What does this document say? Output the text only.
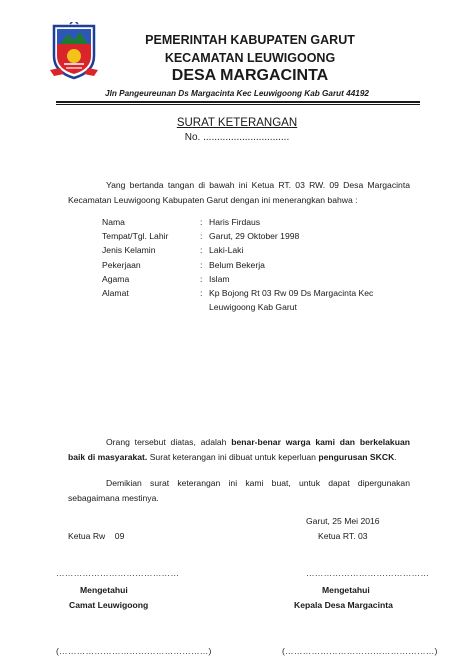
PEMERINTAH KABUPATEN GARUT
KECAMATAN LEUWIGOONG
DESA MARGACINTA
Jln Pangeureunan Ds Margacinta Kec Leuwigoong Kab Garut 44192
SURAT KETERANGAN
No. ...............................
Yang bertanda tangan di bawah ini Ketua RT. 03 RW. 09 Desa Margacinta Kecamatan Leuwigoong Kabupaten Garut dengan ini menerangkan bahwa :
Nama	: Haris Firdaus
Tempat/Tgl. Lahir	: Garut, 29 Oktober 1998
Jenis Kelamin	: Laki-Laki
Pekerjaan	: Belum Bekerja
Agama	: Islam
Alamat	: Kp Bojong Rt 03 Rw 09 Ds Margacinta Kec
Leuwigoong Kab Garut
Orang tersebut diatas, adalah benar-benar warga kami dan berkelakuan baik di masyarakat. Surat keterangan ini dibuat untuk keperluan pengurusan SKCK.
Demikian surat keterangan ini kami buat, untuk dapat dipergunakan sebagaimana mestinya.
Garut, 25 Mei 2016
Ketua Rw    09	Ketua RT. 03
……………………………………	……………………………………
Mengetahui
Camat Leuwigoong
Mengetahui
Kepala Desa Margacinta
(……………………………………………)	(……………………………………………)
